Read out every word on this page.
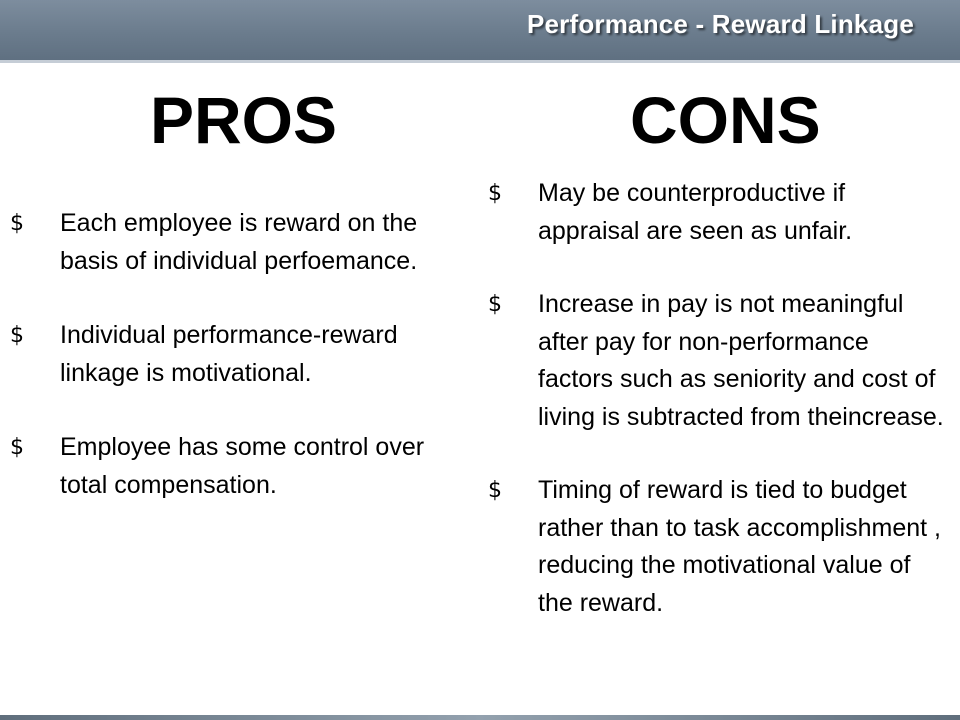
Performance - Reward Linkage
PROS	CONS
$ Each employee is reward on the basis of individual perfoemance.
$ Individual performance-reward linkage is motivational.
$ Employee has some control over total compensation.
$ May be counterproductive if appraisal are seen as unfair.
$ Increase in pay is not meaningful after pay for non-performance factors such as seniority and cost of living is subtracted from theincrease.
$ Timing of reward is tied to budget rather than to task accomplishment , reducing the motivational value of the reward.
